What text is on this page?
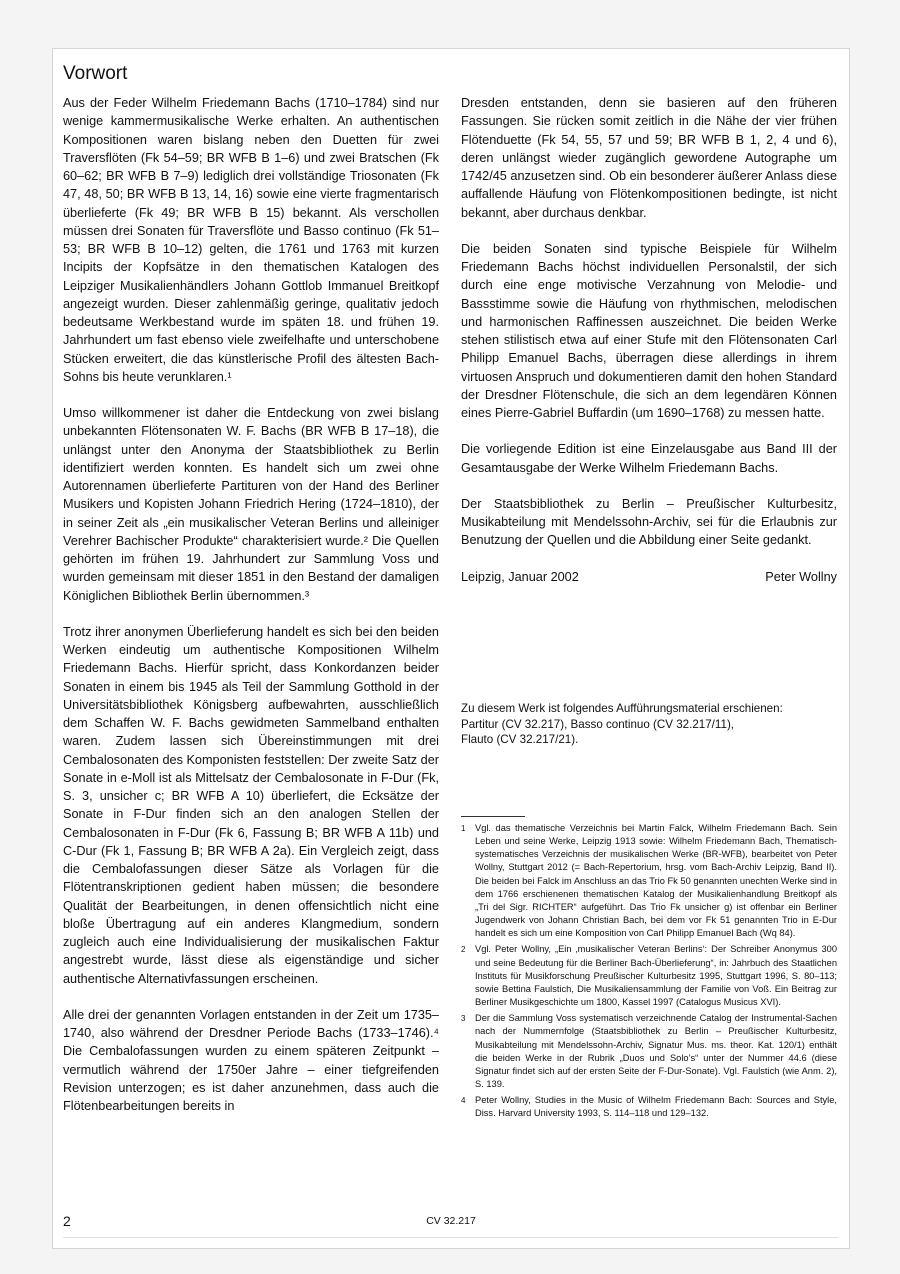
Vorwort

Aus der Feder Wilhelm Friedemann Bachs (1710–1784) sind nur wenige kammermusikalische Werke erhalten. An authentischen Kompositionen waren bislang neben den Duetten für zwei Traversflöten (Fk 54–59; BR WFB B 1–6) und zwei Bratschen (Fk 60–62; BR WFB B 7–9) lediglich drei vollständige Triosonaten (Fk 47, 48, 50; BR WFB B 13, 14, 16) sowie eine vierte fragmentarisch überlieferte (Fk 49; BR WFB B 15) bekannt. Als verschollen müssen drei Sonaten für Traversflöte und Basso continuo (Fk 51–53; BR WFB B 10–12) gelten, die 1761 und 1763 mit kurzen Incipits der Kopfsätze in den thematischen Katalogen des Leipziger Musikalienhändlers Johann Gottlob Immanuel Breitkopf angezeigt wurden. Dieser zahlenmäßig geringe, qualitativ jedoch bedeutsame Werkbestand wurde im späten 18. und frühen 19. Jahrhundert um fast ebenso viele zweifelhafte und unterschobene Stücken erweitert, die das künstlerische Profil des ältesten Bach-Sohns bis heute verunklaren.¹

Umso willkommener ist daher die Entdeckung von zwei bislang unbekannten Flötensonaten W. F. Bachs (BR WFB B 17–18), die unlängst unter den Anonyma der Staatsbibliothek zu Berlin identifiziert werden konnten. Es handelt sich um zwei ohne Autorennamen überlieferte Partituren von der Hand des Berliner Musikers und Kopisten Johann Friedrich Hering (1724–1810), der in seiner Zeit als „ein musikalischer Veteran Berlins und alleiniger Verehrer Bachischer Produkte“ charakterisiert wurde.² Die Quellen gehörten im frühen 19. Jahrhundert zur Sammlung Voss und wurden gemeinsam mit dieser 1851 in den Bestand der damaligen Königlichen Bibliothek Berlin übernommen.³

Trotz ihrer anonymen Überlieferung handelt es sich bei den beiden Werken eindeutig um authentische Kompositionen Wilhelm Friedemann Bachs. Hierfür spricht, dass Konkordanzen beider Sonaten in einem bis 1945 als Teil der Sammlung Gotthold in der Universitätsbibliothek Königsberg aufbewahrten, ausschließlich dem Schaffen W. F. Bachs gewidmeten Sammelband enthalten waren. Zudem lassen sich Übereinstimmungen mit drei Cembalosonaten des Komponisten feststellen: Der zweite Satz der Sonate in e-Moll ist als Mittelsatz der Cembalosonate in F-Dur (Fk, S. 3, unsicher c; BR WFB A 10) überliefert, die Ecksätze der Sonate in F-Dur finden sich an den analogen Stellen der Cembalosonaten in F-Dur (Fk 6, Fassung B; BR WFB A 11b) und C-Dur (Fk 1, Fassung B; BR WFB A 2a). Ein Vergleich zeigt, dass die Cembalofassungen dieser Sätze als Vorlagen für die Flötentranskriptionen gedient haben müssen; die besondere Qualität der Bearbeitungen, in denen offensichtlich nicht eine bloße Übertragung auf ein anderes Klangmedium, sondern zugleich auch eine Individualisierung der musikalischen Faktur angestrebt wurde, lässt diese als eigenständige und sicher authentische Alternativfassungen erscheinen.

Alle drei der genannten Vorlagen entstanden in der Zeit um 1735–1740, also während der Dresdner Periode Bachs (1733–1746).⁴ Die Cembalofassungen wurden zu einem späteren Zeitpunkt – vermutlich während der 1750er Jahre – einer tiefgreifenden Revision unterzogen; es ist daher anzunehmen, dass auch die Flötenbearbeitungen bereits in

Dresden entstanden, denn sie basieren auf den früheren Fassungen. Sie rücken somit zeitlich in die Nähe der vier frühen Flötenduette (Fk 54, 55, 57 und 59; BR WFB B 1, 2, 4 und 6), deren unlängst wieder zugänglich gewordene Autographe um 1742/45 anzusetzen sind. Ob ein besonderer äußerer Anlass diese auffallende Häufung von Flötenkompositionen bedingte, ist nicht bekannt, aber durchaus denkbar.

Die beiden Sonaten sind typische Beispiele für Wilhelm Friedemann Bachs höchst individuellen Personalstil, der sich durch eine enge motivische Verzahnung von Melodie- und Bassstimme sowie die Häufung von rhythmischen, melodischen und harmonischen Raffinessen auszeichnet. Die beiden Werke stehen stilistisch etwa auf einer Stufe mit den Flötensonaten Carl Philipp Emanuel Bachs, überragen diese allerdings in ihrem virtuosen Anspruch und dokumentieren damit den hohen Standard der Dresdner Flötenschule, die sich an dem legendären Können eines Pierre-Gabriel Buffardin (um 1690–1768) zu messen hatte.

Die vorliegende Edition ist eine Einzelausgabe aus Band III der Gesamtausgabe der Werke Wilhelm Friedemann Bachs.

Der Staatsbibliothek zu Berlin – Preußischer Kulturbesitz, Musikabteilung mit Mendelssohn-Archiv, sei für die Erlaubnis zur Benutzung der Quellen und die Abbildung einer Seite gedankt.

Leipzig, Januar 2002	Peter Wollny
Zu diesem Werk ist folgendes Aufführungsmaterial erschienen:
Partitur (CV 32.217), Basso continuo (CV 32.217/11),
Flauto (CV 32.217/21).
1	Vgl. das thematische Verzeichnis bei Martin Falck, Wilhelm Friedemann Bach. Sein Leben und seine Werke, Leipzig 1913 sowie: Wilhelm Friedemann Bach, Thematisch-systematisches Verzeichnis der musikalischen Werke (BR-WFB), bearbeitet von Peter Wollny, Stuttgart 2012 (= Bach-Repertorium, hrsg. vom Bach-Archiv Leipzig, Band II). Die beiden bei Falck im Anschluss an das Trio Fk 50 genannten unechten Werke sind in dem 1766 erschienenen thematischen Katalog der Musikalienhandlung Breitkopf als „Tri del Sigr. RICHTER“ aufgeführt. Das Trio Fk unsicher g) ist offenbar ein Berliner Jugendwerk von Johann Christian Bach, bei dem vor Fk 51 genannten Trio in E-Dur handelt es sich um eine Komposition von Carl Philipp Emanuel Bach (Wq 84).
2	Vgl. Peter Wollny, „Ein ‚musikalischer Veteran Berlins‘: Der Schreiber Anonymus 300 und seine Bedeutung für die Berliner Bach-Überlieferung“, in: Jahrbuch des Staatlichen Instituts für Musikforschung Preußischer Kulturbesitz 1995, Stuttgart 1996, S. 80–113; sowie Bettina Faulstich, Die Musikaliensammlung der Familie von Voß. Ein Beitrag zur Berliner Musikgeschichte um 1800, Kassel 1997 (Catalogus Musicus XVI).
3	Der die Sammlung Voss systematisch verzeichnende Catalog der Instrumental-Sachen nach der Nummernfolge (Staatsbibliothek zu Berlin – Preußischer Kulturbesitz, Musikabteilung mit Mendelssohn-Archiv, Signatur Mus. ms. theor. Kat. 120/1) enthält die beiden Werke in der Rubrik „Duos und Solo’s“ unter der Nummer 44.6 (diese Signatur findet sich auf der ersten Seite der F-Dur-Sonate). Vgl. Faulstich (wie Anm. 2), S. 139.
4	Peter Wollny, Studies in the Music of Wilhelm Friedemann Bach: Sources and Style, Diss. Harvard University 1993, S. 114–118 und 129–132.
2	CV 32.217
